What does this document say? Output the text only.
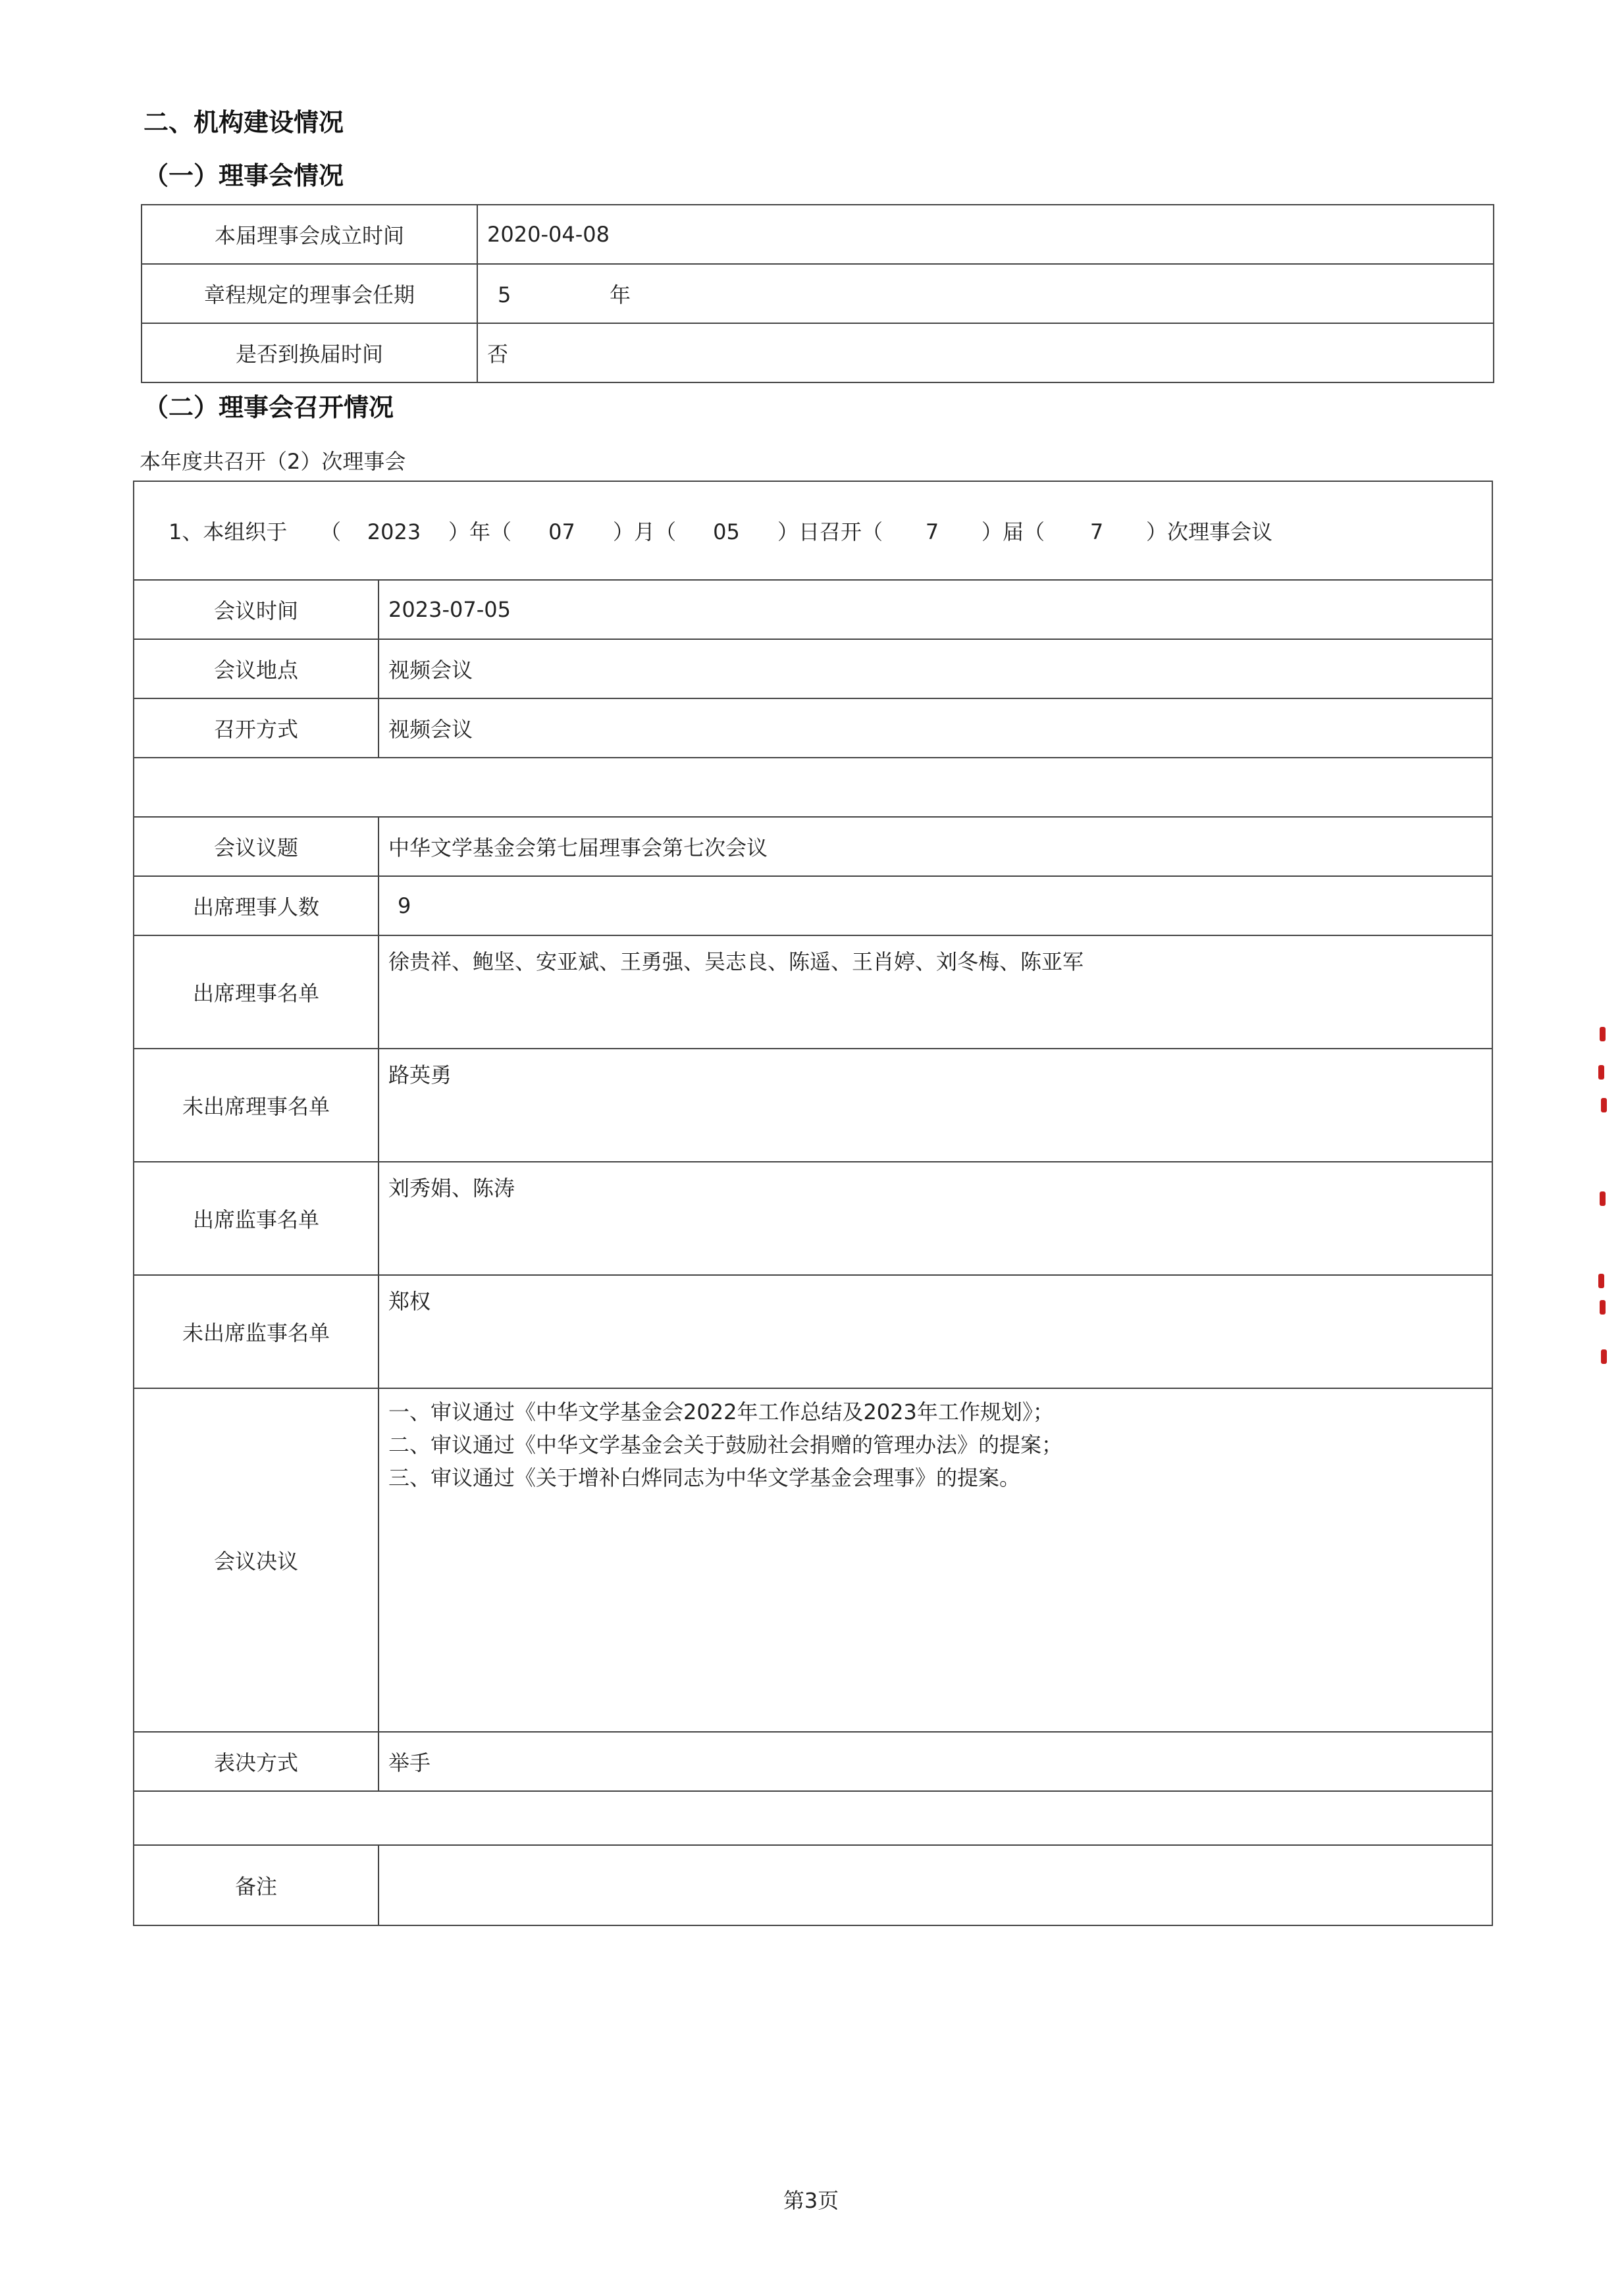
二、机构建设情况
（一）理事会情况
本届理事会成立时间	2020-04-08
章程规定的理事会任期	5 年
是否到换届时间	否
（二）理事会召开情况
本年度共召开（2）次理事会
1、本组织于 （ 2023 ）年（ 07 ）月（ 05 ）日召开（ 7 ）届（ 7 ）次理事会议	
会议时间	2023-07-05
会议地点	视频会议
召开方式	视频会议

会议议题	中华文学基金会第七届理事会第七次会议
出席理事人数	9
出席理事名单	徐贵祥、鲍坚、安亚斌、王勇强、吴志良、陈遥、王肖婷、刘冬梅、陈亚军
未出席理事名单	路英勇
出席监事名单	刘秀娟、陈涛
未出席监事名单	郑权
会议决议	一、审议通过《中华文学基金会2022年工作总结及2023年工作规划》；
二、审议通过《中华文学基金会关于鼓励社会捐赠的管理办法》的提案；
三、审议通过《关于增补白烨同志为中华文学基金会理事》的提案。

表决方式	举手

备注	
第3页
